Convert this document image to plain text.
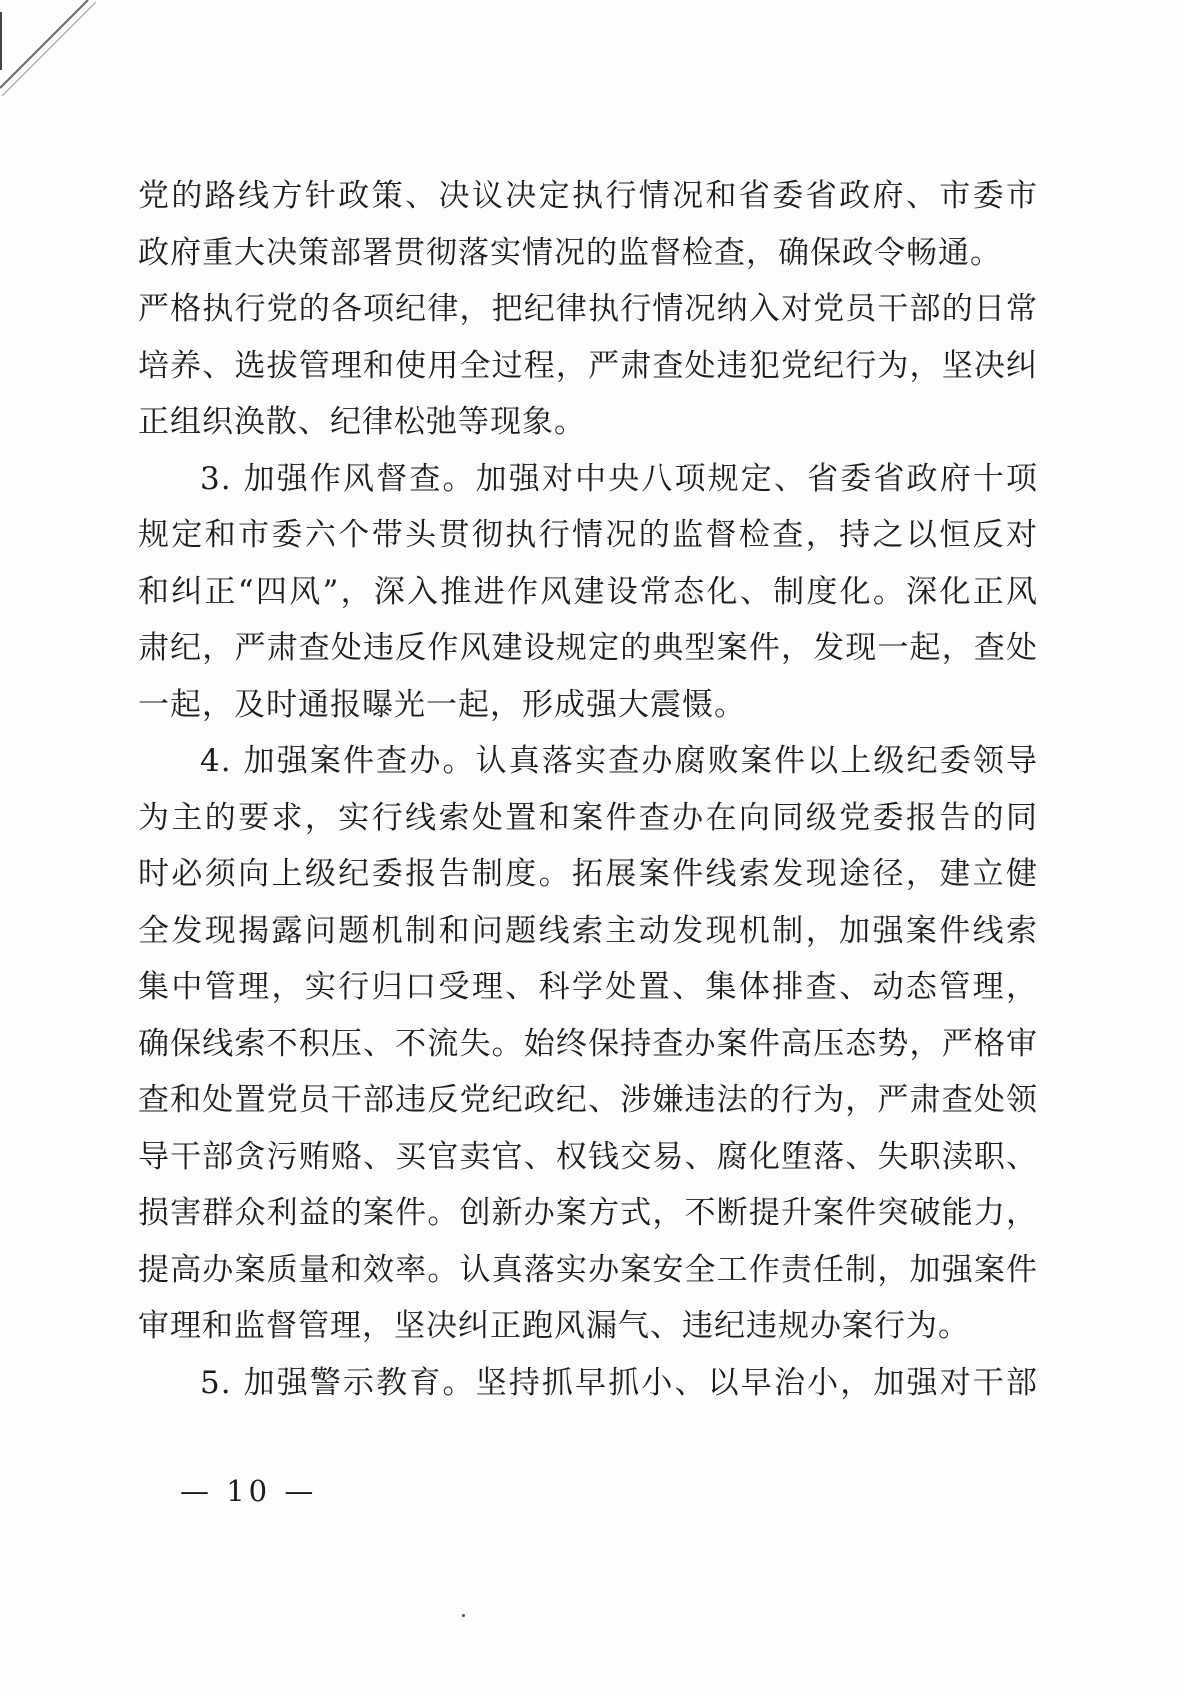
党的路线方针政策、决议决定执行情况和省委省政府、市委市
政府重大决策部署贯彻落实情况的监督检查，确保政令畅通。
严格执行党的各项纪律，把纪律执行情况纳入对党员干部的日常
培养、选拔管理和使用全过程，严肃查处违犯党纪行为，坚决纠
正组织涣散、纪律松弛等现象。
3. 加强作风督查。加强对中央八项规定、省委省政府十项
规定和市委六个带头贯彻执行情况的监督检查，持之以恒反对
和纠正“四风”，深入推进作风建设常态化、制度化。深化正风
肃纪，严肃查处违反作风建设规定的典型案件，发现一起，查处
一起，及时通报曝光一起，形成强大震慑。
4. 加强案件查办。认真落实查办腐败案件以上级纪委领导
为主的要求，实行线索处置和案件查办在向同级党委报告的同
时必须向上级纪委报告制度。拓展案件线索发现途径，建立健
全发现揭露问题机制和问题线索主动发现机制，加强案件线索
集中管理，实行归口受理、科学处置、集体排查、动态管理，
确保线索不积压、不流失。始终保持查办案件高压态势，严格审
查和处置党员干部违反党纪政纪、涉嫌违法的行为，严肃查处领
导干部贪污贿赂、买官卖官、权钱交易、腐化堕落、失职渎职、
损害群众利益的案件。创新办案方式，不断提升案件突破能力，
提高办案质量和效率。认真落实办案安全工作责任制，加强案件
审理和监督管理，坚决纠正跑风漏气、违纪违规办案行为。
5. 加强警示教育。坚持抓早抓小、以早治小，加强对干部
— 10 —
